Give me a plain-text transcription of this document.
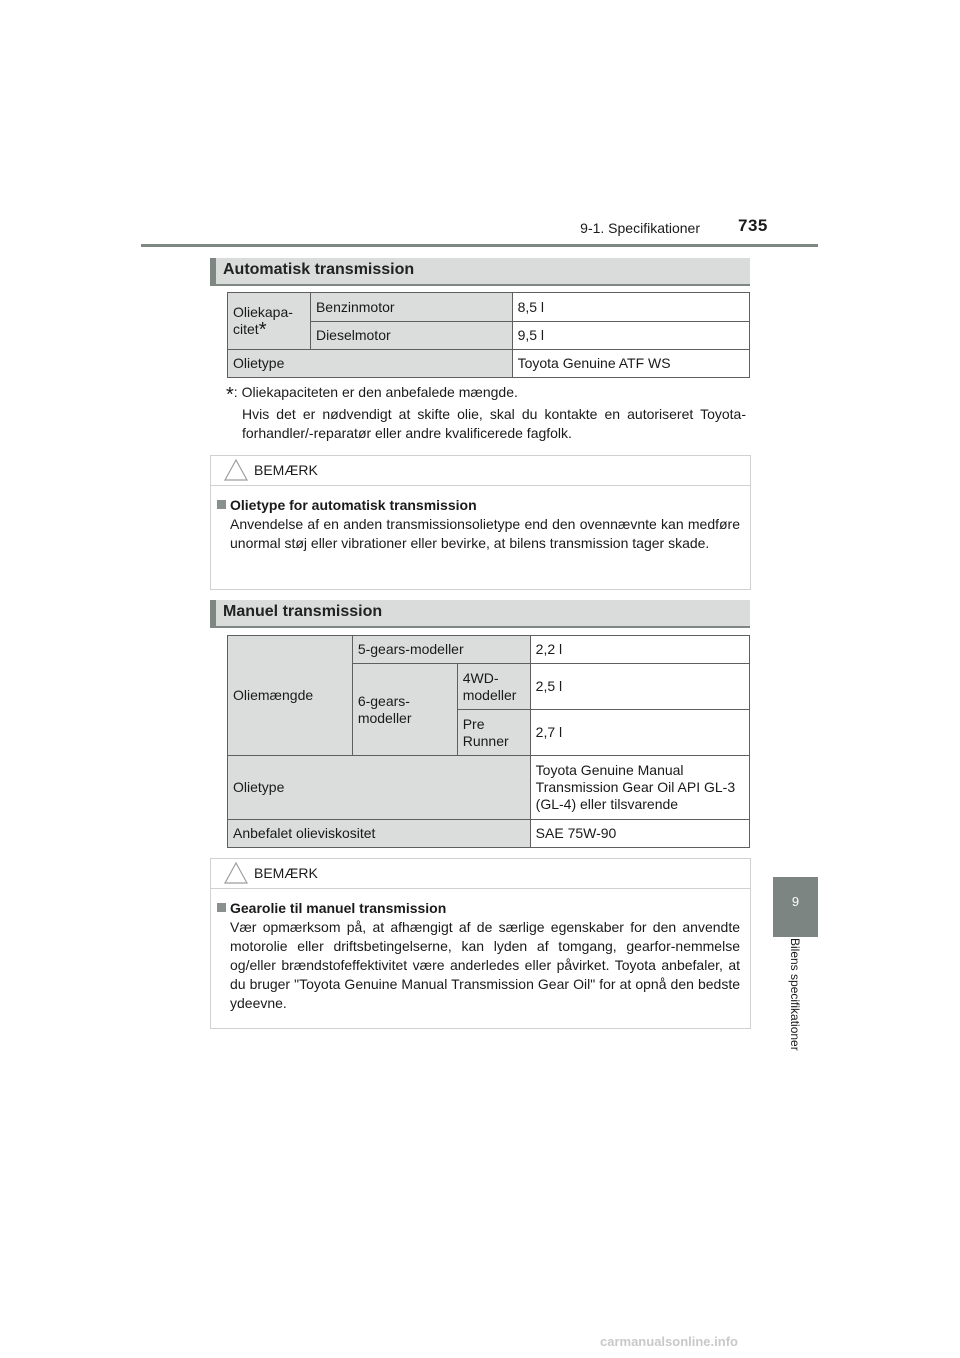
9-1. Specifikationer 735
9
Bilens specifikationer
Automatisk transmission
Oliekapa-citet*	Benzinmotor	8,5 l
	Dieselmotor	9,5 l
Olietype		Toyota Genuine ATF WS
*: Oliekapaciteten er den anbefalede mængde.
Hvis det er nødvendigt at skifte olie, skal du kontakte en autoriseret Toyota-forhandler/-reparatør eller andre kvalificerede fagfolk.
BEMÆRK
Olietype for automatisk transmission
Anvendelse af en anden transmissionsolietype end den ovennævnte kan medføre unormal støj eller vibrationer eller bevirke, at bilens transmission tager skade.
Manuel transmission
Oliemængde	5-gears-modeller		2,2 l
	6-gears-modeller	4WD-modeller	2,5 l
		Pre Runner	2,7 l
Olietype			Toyota Genuine Manual Transmission Gear Oil API GL-3 (GL-4) eller tilsvarende
Anbefalet olieviskositet			SAE 75W-90
BEMÆRK
Gearolie til manuel transmission
Vær opmærksom på, at afhængigt af de særlige egenskaber for den anvendte motorolie eller driftsbetingelserne, kan lyden af tomgang, gearfor-nemmelse og/eller brændstofeffektivitet være anderledes eller påvirket. Toyota anbefaler, at du bruger "Toyota Genuine Manual Transmission Gear Oil" for at opnå den bedste ydeevne.
carmanualsonline.info
